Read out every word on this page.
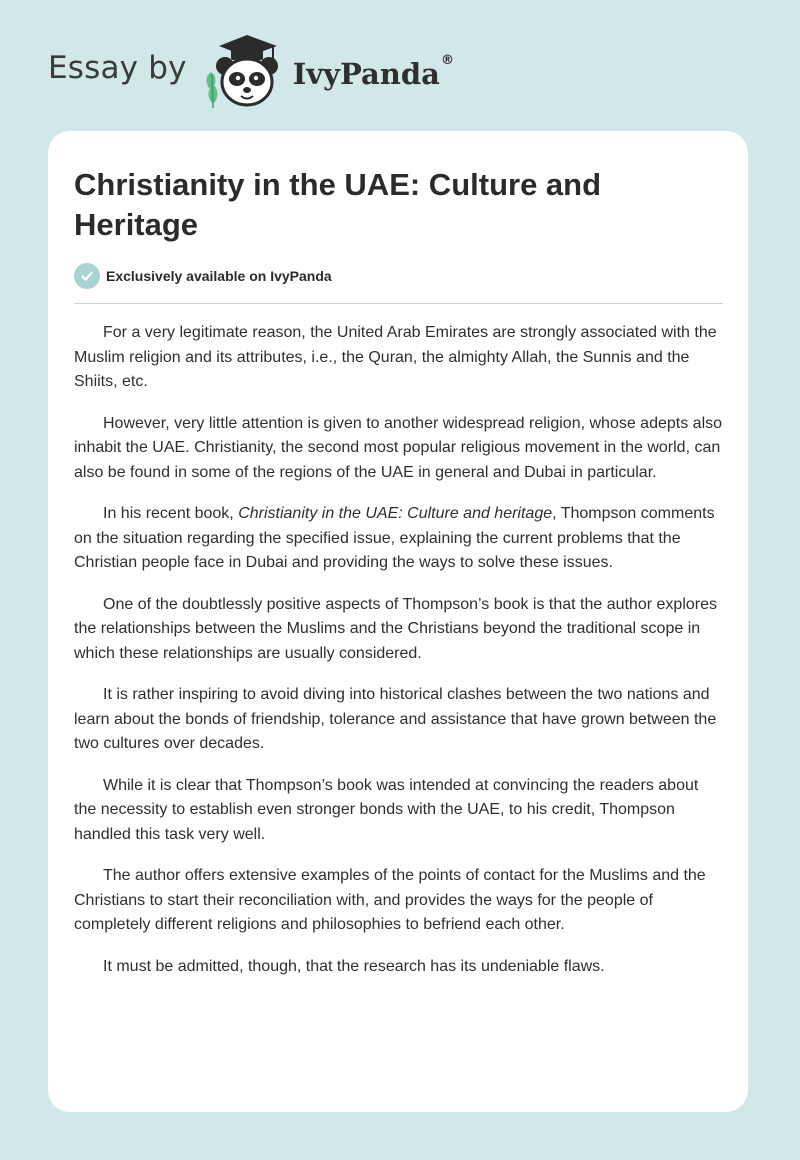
Essay by	IvyPanda®
Christianity in the UAE: Culture and Heritage
Exclusively available on IvyPanda

For a very legitimate reason, the United Arab Emirates are strongly associated with the Muslim religion and its attributes, i.e., the Quran, the almighty Allah, the Sunnis and the Shiits, etc.

However, very little attention is given to another widespread religion, whose adepts also inhabit the UAE. Christianity, the second most popular religious movement in the world, can also be found in some of the regions of the UAE in general and Dubai in particular.

In his recent book, Christianity in the UAE: Culture and heritage, Thompson comments on the situation regarding the specified issue, explaining the current problems that the Christian people face in Dubai and providing the ways to solve these issues.

One of the doubtlessly positive aspects of Thompson’s book is that the author explores the relationships between the Muslims and the Christians beyond the traditional scope in which these relationships are usually considered.

It is rather inspiring to avoid diving into historical clashes between the two nations and learn about the bonds of friendship, tolerance and assistance that have grown between the two cultures over decades.

While it is clear that Thompson’s book was intended at convincing the readers about the necessity to establish even stronger bonds with the UAE, to his credit, Thompson handled this task very well.

The author offers extensive examples of the points of contact for the Muslims and the Christians to start their reconciliation with, and provides the ways for the people of completely different religions and philosophies to befriend each other.

It must be admitted, though, that the research has its undeniable flaws.
